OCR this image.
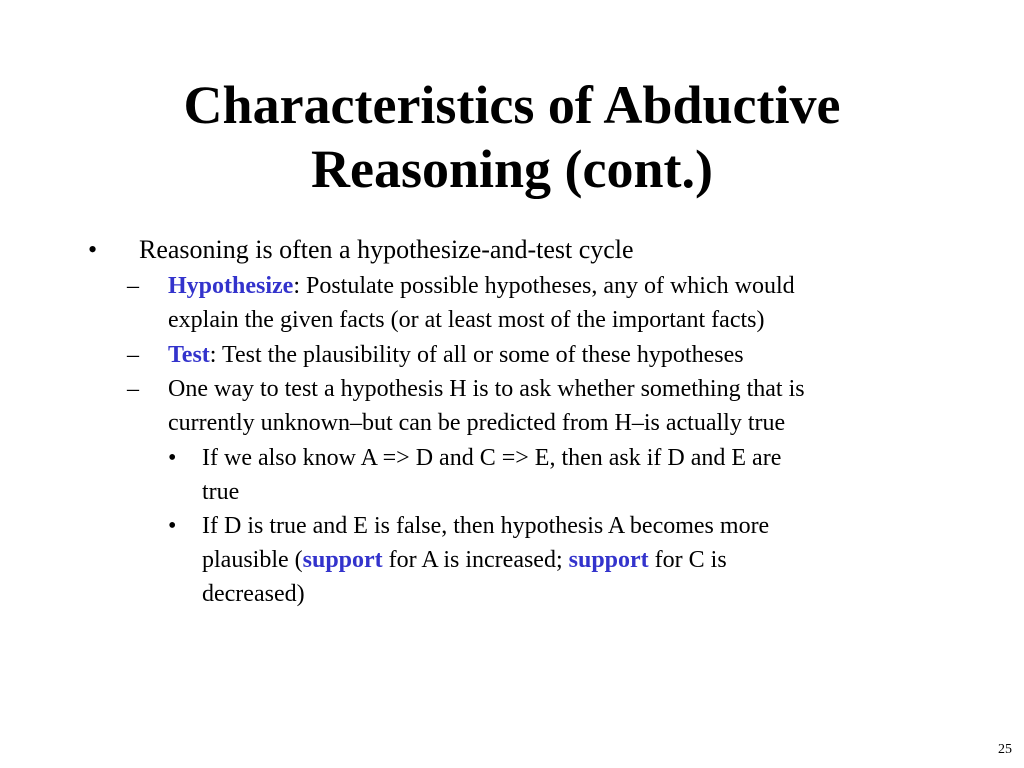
Characteristics of Abductive
Reasoning (cont.)
• Reasoning is often a hypothesize-and-test cycle
– Hypothesize: Postulate possible hypotheses, any of which would
explain the given facts (or at least most of the important facts)
– Test: Test the plausibility of all or some of these hypotheses
– One way to test a hypothesis H is to ask whether something that is
currently unknown–but can be predicted from H–is actually true
• If we also know A => D and C => E, then ask if D and E are
true
• If D is true and E is false, then hypothesis A becomes more
plausible (support for A is increased; support for C is
decreased)
25
